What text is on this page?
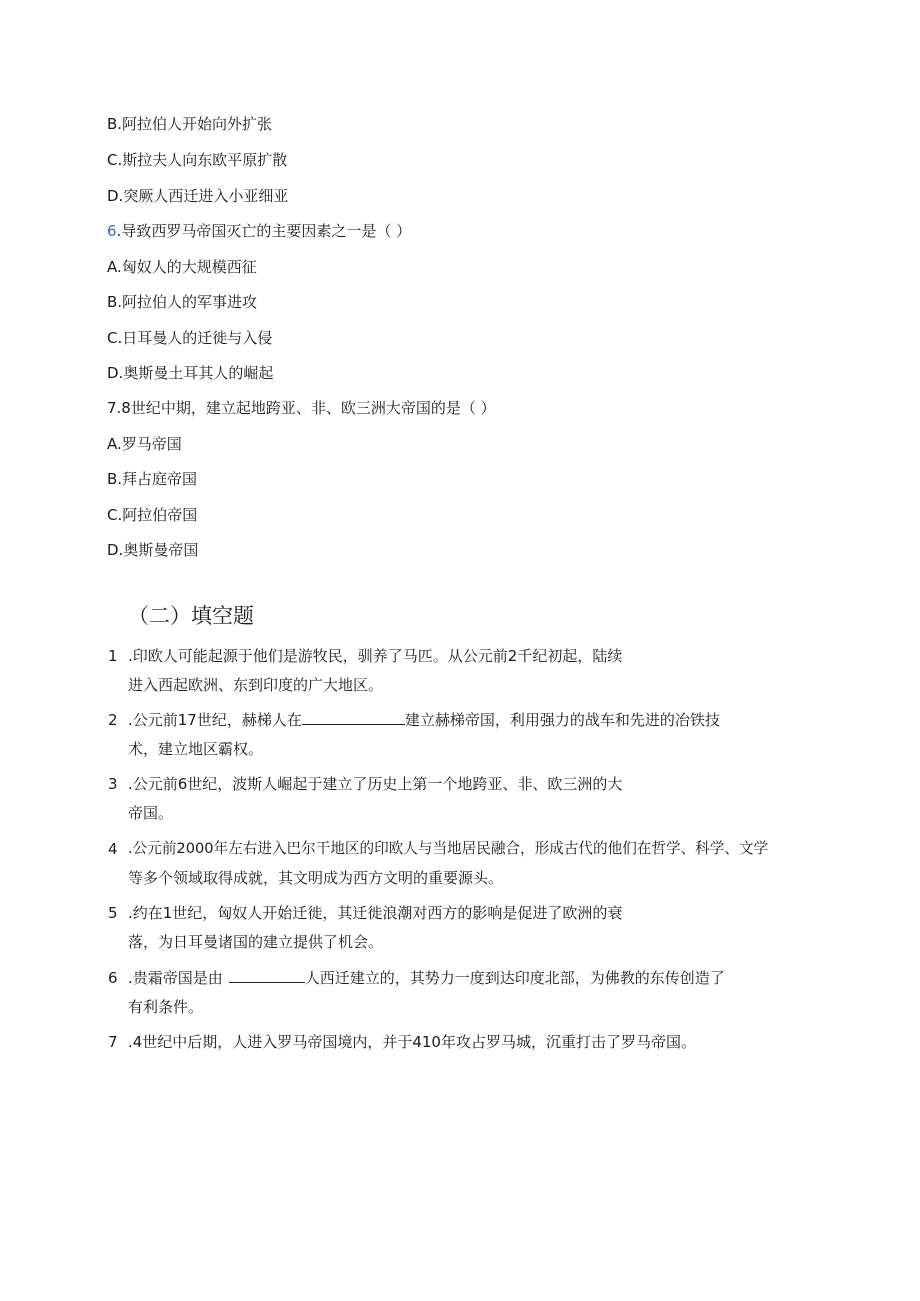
B.阿拉伯人开始向外扩张
C.斯拉夫人向东欧平原扩散
D.突厥人西迁进入小亚细亚
6.导致西罗马帝国灭亡的主要因素之一是（ ）
A.匈奴人的大规模西征
B.阿拉伯人的军事进攻
C.日耳曼人的迁徙与入侵
D.奥斯曼土耳其人的崛起
7.8世纪中期，建立起地跨亚、非、欧三洲大帝国的是（ ）
A.罗马帝国
B.拜占庭帝国
C.阿拉伯帝国
D.奥斯曼帝国
（二）填空题
1 .印欧人可能起源于他们是游牧民，驯养了马匹。从公元前2千纪初起，陆续
进入西起欧洲、东到印度的广大地区。
2 .公元前17世纪，赫梯人在	建立赫梯帝国，利用强力的战车和先进的冶铁技
术，建立地区霸权。
3 .公元前6世纪，波斯人崛起于建立了历史上第一个地跨亚、非、欧三洲的大
帝国。
4 .公元前2000年左右进入巴尔干地区的印欧人与当地居民融合，形成古代的他们在哲学、科学、文学
等多个领域取得成就，其文明成为西方文明的重要源头。
5 .约在1世纪，匈奴人开始迁徙，其迁徙浪潮对西方的影响是促进了欧洲的衰
落，为日耳曼诸国的建立提供了机会。
6 .贵霜帝国是由	人西迁建立的，其势力一度到达印度北部，为佛教的东传创造了
有利条件。
7 .4世纪中后期，人进入罗马帝国境内，并于410年攻占罗马城，沉重打击了罗马帝国。
